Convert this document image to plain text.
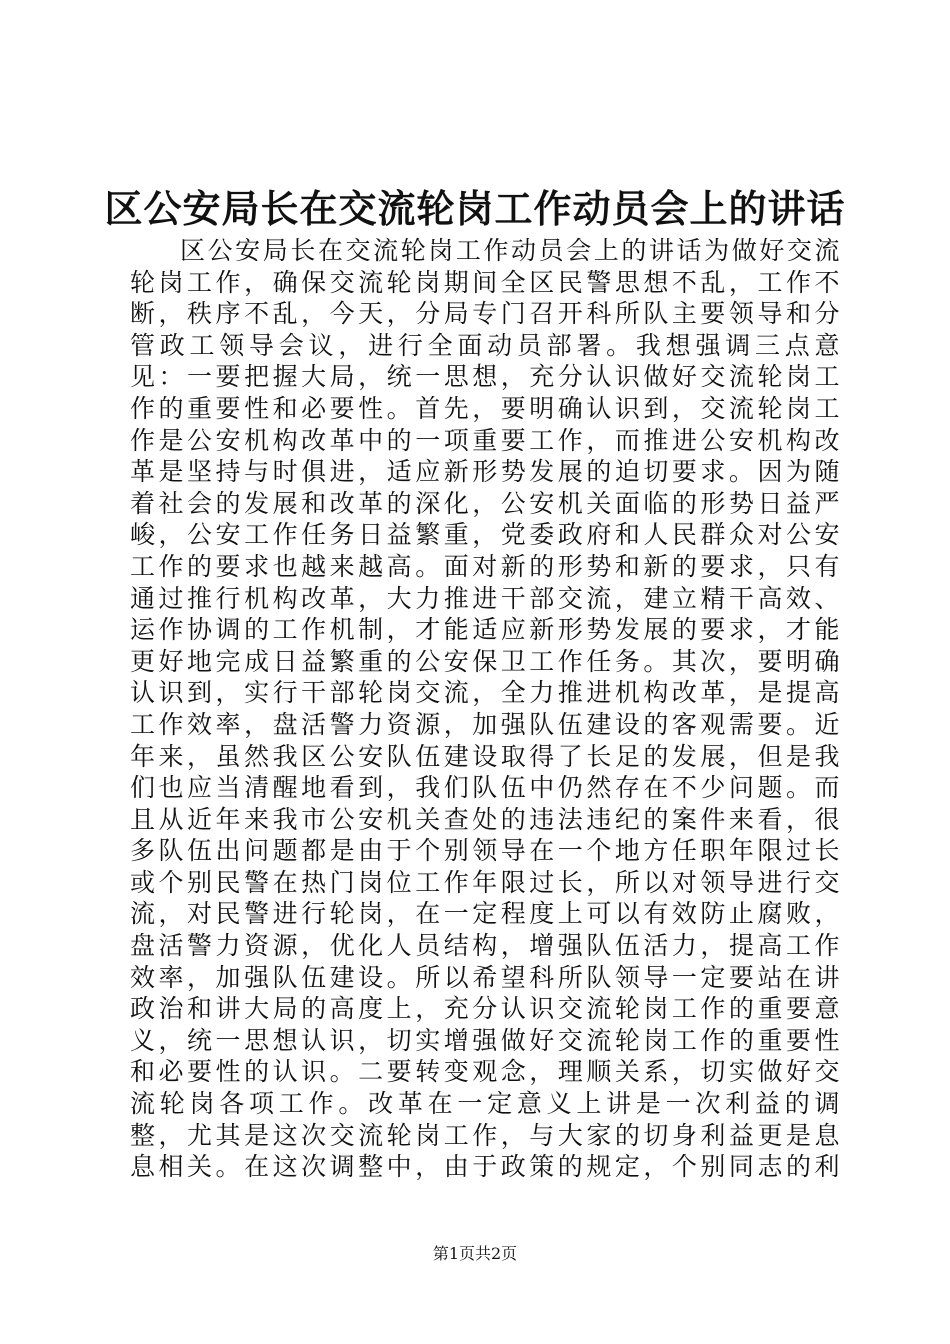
区公安局长在交流轮岗工作动员会上的讲话

区公安局长在交流轮岗工作动员会上的讲话为做好交流轮岗工作，确保交流轮岗期间全区民警思想不乱，工作不断，秩序不乱，今天，分局专门召开科所队主要领导和分管政工领导会议，进行全面动员部署。我想强调三点意见：一要把握大局，统一思想，充分认识做好交流轮岗工作的重要性和必要性。首先，要明确认识到，交流轮岗工作是公安机构改革中的一项重要工作，而推进公安机构改革是坚持与时俱进，适应新形势发展的迫切要求。因为随着社会的发展和改革的深化，公安机关面临的形势日益严峻，公安工作任务日益繁重，党委政府和人民群众对公安工作的要求也越来越高。面对新的形势和新的要求，只有通过推行机构改革，大力推进干部交流，建立精干高效、运作协调的工作机制，才能适应新形势发展的要求，才能更好地完成日益繁重的公安保卫工作任务。其次，要明确认识到，实行干部轮岗交流，全力推进机构改革，是提高工作效率，盘活警力资源，加强队伍建设的客观需要。近年来，虽然我区公安队伍建设取得了长足的发展，但是我们也应当清醒地看到，我们队伍中仍然存在不少问题。而且从近年来我市公安机关查处的违法违纪的案件来看，很多队伍出问题都是由于个别领导在一个地方任职年限过长或个别民警在热门岗位工作年限过长，所以对领导进行交流，对民警进行轮岗，在一定程度上可以有效防止腐败，盘活警力资源，优化人员结构，增强队伍活力，提高工作效率，加强队伍建设。所以希望科所队领导一定要站在讲政治和讲大局的高度上，充分认识交流轮岗工作的重要意义，统一思想认识，切实增强做好交流轮岗工作的重要性和必要性的认识。二要转变观念，理顺关系，切实做好交流轮岗各项工作。改革在一定意义上讲是一次利益的调整，尤其是这次交流轮岗工作，与大家的切身利益更是息息相关。在这次调整中，由于政策的规定，个别同志的利

第1页共2页
